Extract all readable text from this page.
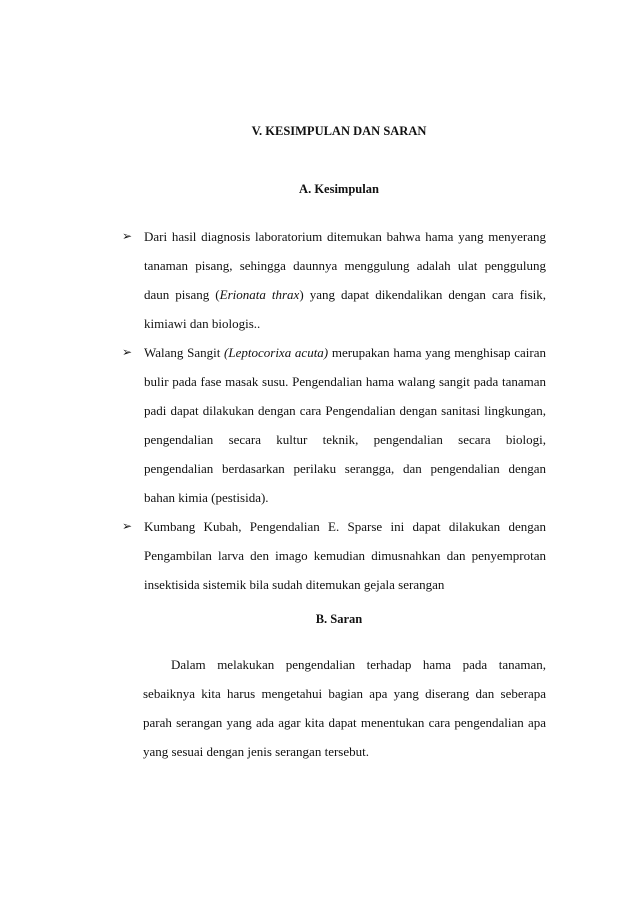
V. KESIMPULAN DAN SARAN
A. Kesimpulan
➢ Dari hasil diagnosis laboratorium ditemukan bahwa hama yang menyerang tanaman pisang, sehingga daunnya menggulung adalah ulat penggulung daun pisang (Erionata thrax) yang dapat dikendalikan dengan cara fisik, kimiawi dan biologis..
➢ Walang Sangit (Leptocorixa acuta) merupakan hama yang menghisap cairan bulir pada fase masak susu. Pengendalian hama walang sangit pada tanaman padi dapat dilakukan dengan cara Pengendalian dengan sanitasi lingkungan, pengendalian secara kultur teknik, pengendalian secara biologi, pengendalian berdasarkan perilaku serangga, dan pengendalian dengan bahan kimia (pestisida).
➢ Kumbang Kubah, Pengendalian E. Sparse ini dapat dilakukan dengan Pengambilan larva den imago kemudian dimusnahkan dan penyemprotan insektisida sistemik bila sudah ditemukan gejala serangan
B. Saran

Dalam melakukan pengendalian terhadap hama pada tanaman, sebaiknya kita harus mengetahui bagian apa yang diserang dan seberapa parah serangan yang ada agar kita dapat menentukan cara pengendalian apa yang sesuai dengan jenis serangan tersebut.
